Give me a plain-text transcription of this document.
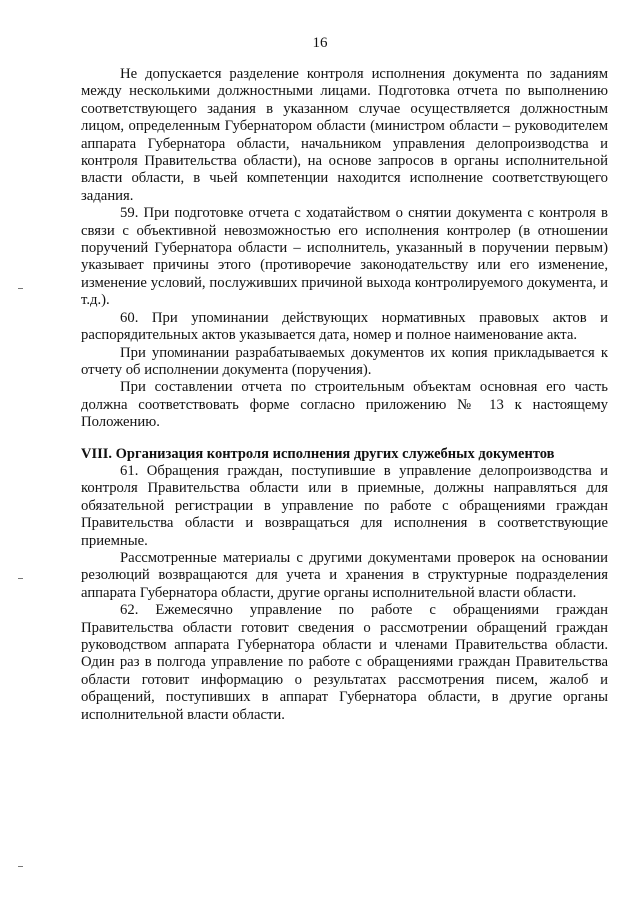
16

Не допускается разделение контроля исполнения документа по заданиям между несколькими должностными лицами. Подготовка отчета по выполнению соответствующего задания в указанном случае осуществляется должностным лицом, определенным Губернатором области (министром области – руководителем аппарата Губернатора области, начальником управления делопроизводства и контроля Правительства области), на основе запросов в органы исполнительной власти области, в чьей компетенции находится исполнение соответствующего задания.

59. При подготовке отчета с ходатайством о снятии документа с контроля в связи с объективной невозможностью его исполнения контролер (в отношении поручений Губернатора области – исполнитель, указанный в поручении первым) указывает причины этого (противоречие законодательству или его изменение, изменение условий, послуживших причиной выхода контролируемого документа, и т.д.).

60. При упоминании действующих нормативных правовых актов и распорядительных актов указывается дата, номер и полное наименование акта.

При упоминании разрабатываемых документов их копия прикладывается к отчету об исполнении документа (поручения).

При составлении отчета по строительным объектам основная его часть должна соответствовать форме согласно приложению № 13 к настоящему Положению.

VIII. Организация контроля исполнения других служебных документов

61. Обращения граждан, поступившие в управление делопроизводства и контроля Правительства области или в приемные, должны направляться для обязательной регистрации в управление по работе с обращениями граждан Правительства области и возвращаться для исполнения в соответствующие приемные.

Рассмотренные материалы с другими документами проверок на основании резолюций возвращаются для учета и хранения в структурные подразделения аппарата Губернатора области, другие органы исполнительной власти области.

62. Ежемесячно управление по работе с обращениями граждан Правительства области готовит сведения о рассмотрении обращений граждан руководством аппарата Губернатора области и членами Правительства области. Один раз в полгода управление по работе с обращениями граждан Правительства области готовит информацию о результатах рассмотрения писем, жалоб и обращений, поступивших в аппарат Губернатора области, в другие органы исполнительной власти области.
